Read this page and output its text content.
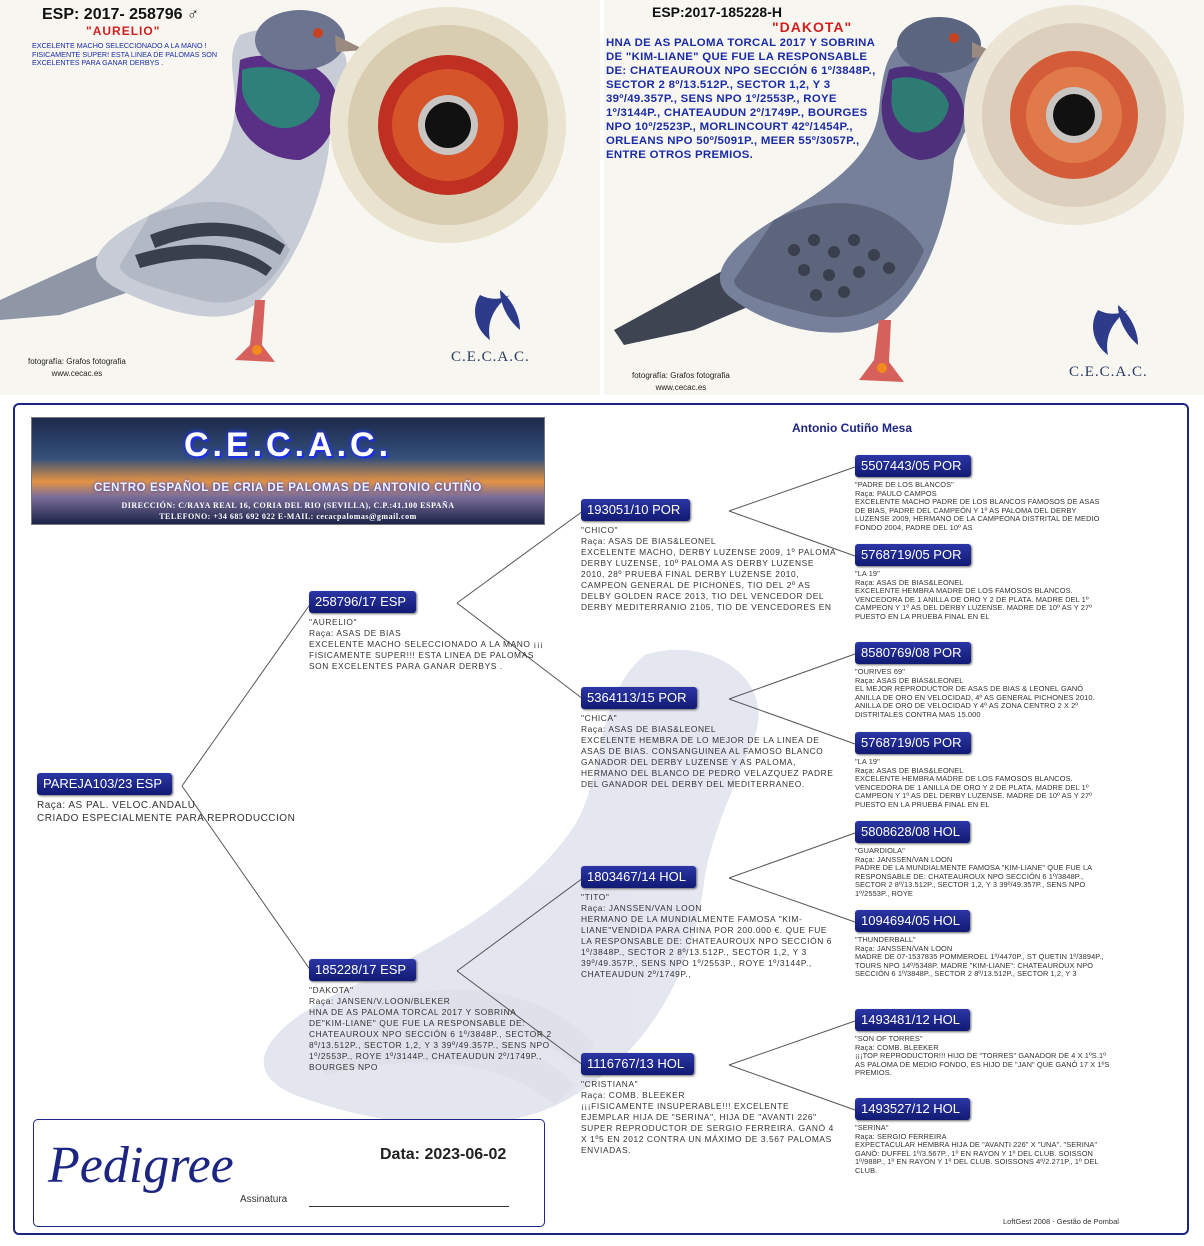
ESP: 2017- 258796 ♂
"AURELIO"
EXCELENTE MACHO SELECCIONADO A LA MANO ! FISICAMENTE SUPER! ESTA LINEA DE PALOMAS SON EXCELENTES PARA GANAR DERBYS .
fotografía: Grafos fotografia
www.cecac.es
C.E.C.A.C.
ESP:2017-185228-H
"DAKOTA"
HNA DE AS PALOMA TORCAL 2017 Y SOBRINA DE "KIM-LIANE" QUE FUE LA RESPONSABLE DE: CHATEAUROUX NPO SECCIÓN 6 1º/3848P., SECTOR 2 8º/13.512P., SECTOR 1,2, Y 3 39º/49.357P., SENS NPO 1º/2553P., ROYE 1º/3144P., CHATEAUDUN 2º/1749P., BOURGES NPO 10º/2523P., MORLINCOURT 42º/1454P., ORLEANS NPO 50º/5091P., MEER 55º/3057P., ENTRE OTROS PREMIOS.
fotografía: Grafos fotografia
www.cecac.es
C.E.C.A.C.
Antonio Cutiño Mesa
C.E.C.A.C.
CENTRO ESPAÑOL DE CRIA DE PALOMAS DE ANTONIO CUTIÑO
DIRECCIÓN: C/RAYA REAL 16, CORIA DEL RIO (SEVILLA), C.P.:41.100 ESPAÑA
TELEFONO: +34 685 692 022 E-MAIL: cecacpalomas@gmail.com
PAREJA103/23 ESP
Raça: AS PAL. VELOC.ANDALU
CRIADO ESPECIALMENTE PARA REPRODUCCION
258796/17 ESP
"AURELIO"
Raça: ASAS DE BIAS
EXCELENTE MACHO SELECCIONADO A LA MANO ¡¡¡ FISICAMENTE SUPER!!! ESTA LINEA DE PALOMAS SON EXCELENTES PARA GANAR DERBYS .
185228/17 ESP
"DAKOTA"
Raça: JANSEN/V.LOON/BLEKER
HNA DE AS PALOMA TORCAL 2017 Y SOBRINA DE"KIM-LIANE" QUE FUE LA RESPONSABLE DE: CHATEAUROUX NPO SECCIÓN 6 1º/3848P., SECTOR 2 8º/13.512P., SECTOR 1,2, Y 3 39º/49.357P., SENS NPO 1º/2553P., ROYE 1º/3144P., CHATEAUDUN 2º/1749P., BOURGES NPO
193051/10 POR
"CHICO"
Raça: ASAS DE BIAS&LEONEL
EXCELENTE MACHO, DERBY LUZENSE 2009, 1º PALOMA DERBY LUZENSE, 10º PALOMA AS DERBY LUZENSE 2010, 28º PRUEBA FINAL DERBY LUZENSE 2010, CAMPEON GENERAL DE PICHONES, TIO DEL 2º AS DELBY GOLDEN RACE 2013, TIO DEL VENCEDOR DEL DERBY MEDITERRANIO 2105, TIO DE VENCEDORES EN
5364113/15 POR
"CHICA"
Raça: ASAS DE BIAS&LEONEL
EXCELENTE HEMBRA DE LO MEJOR DE LA LINEA DE ASAS DE BIAS. CONSANGUINEA AL FAMOSO BLANCO GANADOR DEL DERBY LUZENSE Y AS PALOMA, HERMANO DEL BLANCO DE PEDRO VELAZQUEZ PADRE DEL GANADOR DEL DERBY DEL MEDITERRANEO.
1803467/14 HOL
"TITO"
Raça: JANSSEN/VAN LOON
HERMANO DE LA MUNDIALMENTE FAMOSA "KIM-LIANE"VENDIDA PARA CHINA POR 200.000 €. QUE FUE LA RESPONSABLE DE: CHATEAUROUX NPO SECCIÓN 6 1º/3848P., SECTOR 2 8º/13.512P., SECTOR 1,2, Y 3 39º/49.357P., SENS NPO 1º/2553P., ROYE 1º/3144P., CHATEAUDUN 2º/1749P.,
1116767/13 HOL
"CRISTIANA"
Raça: COMB. BLEEKER
¡¡¡FISICAMENTE INSUPERABLE!!! EXCELENTE EJEMPLAR HIJA DE "SERINA", HIJA DE "AVANTI 226" SUPER REPRODUCTOR DE SERGIO FERREIRA. GANÓ 4 X 1º5 EN 2012 CONTRA UN MÁXIMO DE 3.567 PALOMAS ENVIADAS.
5507443/05 POR
"PADRE DE LOS BLANCOS"
Raça: PAULO CAMPOS
EXCELENTE MACHO PADRE DE LOS BLANCOS FAMOSOS DE ASAS DE BIAS, PADRE DEL CAMPEÓN Y 1º AS PALOMA DEL DERBY LUZENSE 2009, HERMANO DE LA CAMPEONA DISTRITAL DE MEDIO FONDO 2004, PADRE DEL 10º AS
5768719/05 POR
"LA 19"
Raça: ASAS DE BIAS&LEONEL
EXCELENTE HEMBRA MADRE DE LOS FAMOSOS BLANCOS. VENCEDORA DE 1 ANILLA DE ORO Y 2 DE PLATA. MADRE DEL 1º CAMPEON Y 1º AS DEL DERBY LUZENSE. MADRE DE 10º AS Y 27º PUESTO EN LA PRUEBA FINAL EN EL
8580769/08 POR
"OURIVES 69"
Raça: ASAS DE BIAS&LEONEL
EL MEJOR REPRODUCTOR DE ASAS DE BIAS & LEONEL GANÓ ANILLA DE ORO EN VELOCIDAD, 4º AS GENERAL PICHONES 2010. ANILLA DE ORO DE VELOCIDAD Y 4º AS ZONA CENTRO 2 X 2º DISTRITALES CONTRA MAS 15.000
5768719/05 POR
"LA 19"
Raça: ASAS DE BIAS&LEONEL
EXCELENTE HEMBRA MADRE DE LOS FAMOSOS BLANCOS. VENCEDORA DE 1 ANILLA DE ORO Y 2 DE PLATA. MADRE DEL 1º CAMPEON Y 1º AS DEL DERBY LUZENSE. MADRE DE 10º AS Y 27º PUESTO EN LA PRUEBA FINAL EN EL
5808628/08 HOL
"GUARDIOLA"
Raça: JANSSEN/VAN LOON
PADRE DE LA MUNDIALMENTE FAMOSA "KIM-LIANE" QUE FUE LA RESPONSABLE DE: CHATEAUROUX NPO SECCIÓN 6 1º/3848P., SECTOR 2 8º/13.512P., SECTOR 1,2, Y 3 39º/49.357P., SENS NPO 1º/2553P., ROYE
1094694/05 HOL
"THUNDERBALL"
Raça: JANSSEN/VAN LOON
MADRE DE 07-1537835 POMMEROEL 1º/4470P., ST QUETIN 1º/3894P., TOURS NPO 14º/5348P. MADRE "KIM-LIANE": CHATEAUROUX NPO SECCIÓN 6 1º/3848P., SECTOR 2 8º/13.512P., SECTOR 1,2, Y 3
1493481/12 HOL
"SON OF TORRES"
Raça: COMB. BLEEKER
¡¡¡TOP REPRODUCTOR!!! HIJO DE "TORRES" GANADOR DE 4 X 1ºS.1º AS PALOMA DE MEDIO FONDO, ES HIJO DE "JAN" QUE GANÓ 17 X 1ºS PREMIOS.
1493527/12 HOL
"SERINA"
Raça: SERGIO FERREIRA
EXPECTACULAR HEMBRA HIJA DE "AVANTI 226" X "UNA". "SERINA" GANÓ: DUFFEL 1º/3.567P., 1º EN RAYON Y 1º DEL CLUB. SOISSON 1º/988P., 1º EN RAYON Y 1º DEL CLUB. SOISSONS 4º/2.271P., 1º DEL CLUB.
Pedigree	Data: 2023-06-02
Assinatura
LoftGest 2008 - Gestão de Pombal
